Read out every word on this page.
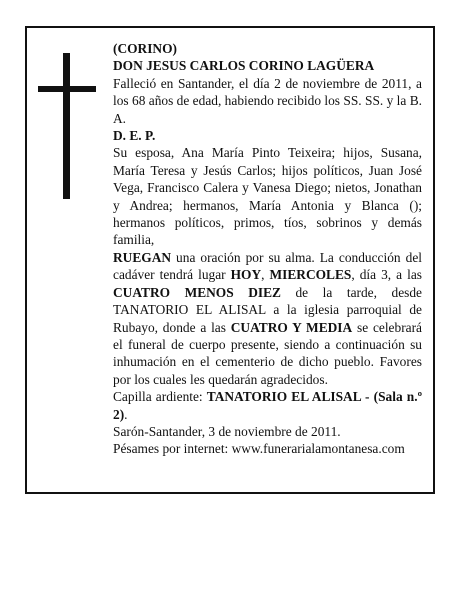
(CORINO)

DON JESUS CARLOS CORINO LAGÜERA

Falleció en Santander, el día 2 de noviembre de 2011, a los 68 años de edad, habiendo recibido los SS. SS. y la B. A.

D. E. P.

Su esposa, Ana María Pinto Teixeira; hijos, Susana, María Teresa y Jesús Carlos; hijos políticos, Juan José Vega, Francisco Calera y Vanesa Diego; nietos, Jonathan y Andrea; hermanos, María Antonia y Blanca (); hermanos políticos, primos, tíos, sobrinos y demás familia,

RUEGAN una oración por su alma. La conducción del cadáver tendrá lugar HOY, MIERCOLES, día 3, a las CUATRO MENOS DIEZ de la tarde, desde TANATORIO EL ALISAL a la iglesia parroquial de Rubayo, donde a las CUATRO Y MEDIA se celebrará el funeral de cuerpo presente, siendo a continuación su inhumación en el cementerio de dicho pueblo. Favores por los cuales les quedarán agradecidos.

Capilla ardiente: TANATORIO EL ALISAL - (Sala n.º 2).

Sarón-Santander, 3 de noviembre de 2011.

Pésames por internet: www.funerarialamontanesa.com
